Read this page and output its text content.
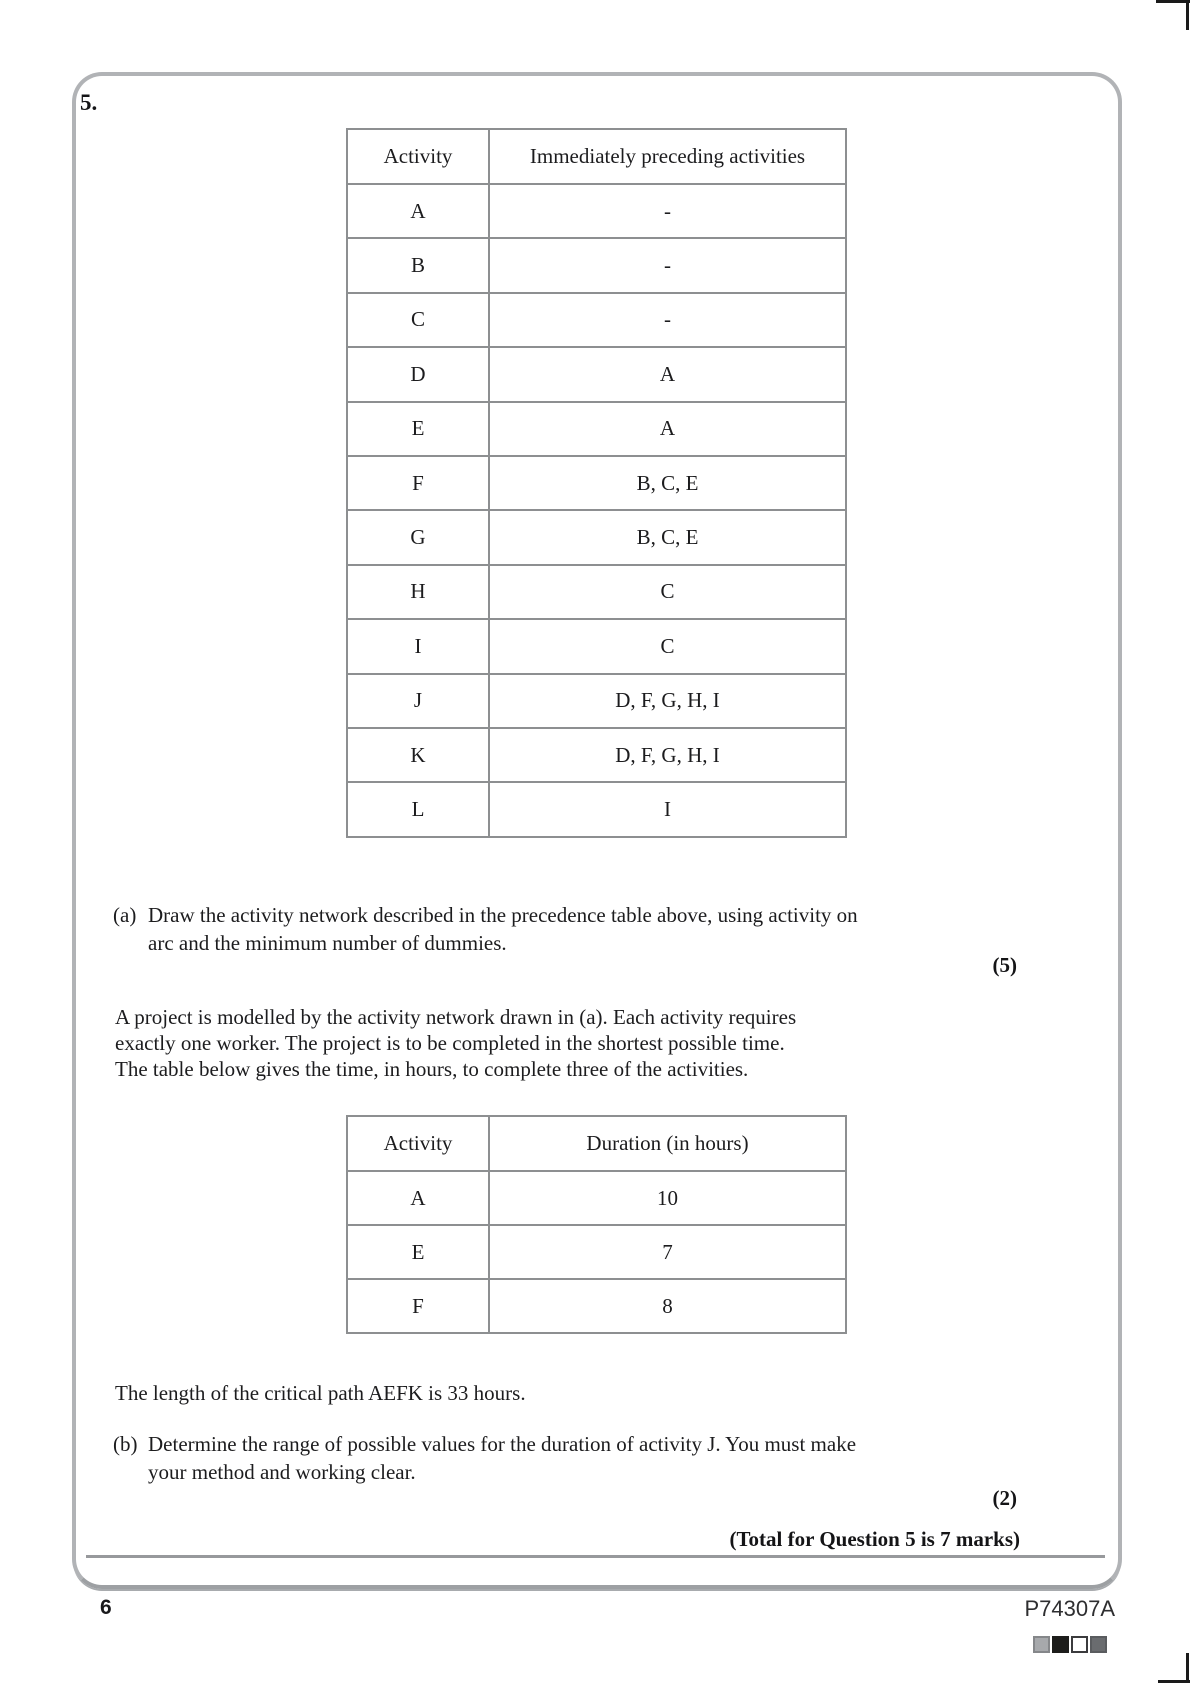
5.
Activity	Immediately preceding activities
A	-
B	-
C	-
D	A
E	A
F	B, C, E
G	B, C, E
H	C
I	C
J	D, F, G, H, I
K	D, F, G, H, I
L	I
(a) Draw the activity network described in the precedence table above, using activity on
arc and the minimum number of dummies.
(5)
A project is modelled by the activity network drawn in (a). Each activity requires
exactly one worker. The project is to be completed in the shortest possible time.
The table below gives the time, in hours, to complete three of the activities.
Activity	Duration (in hours)
A	10
E	7
F	8
The length of the critical path AEFK is 33 hours.
(b) Determine the range of possible values for the duration of activity J. You must make
your method and working clear.
(2)
(Total for Question 5 is 7 marks)
6	P74307A
